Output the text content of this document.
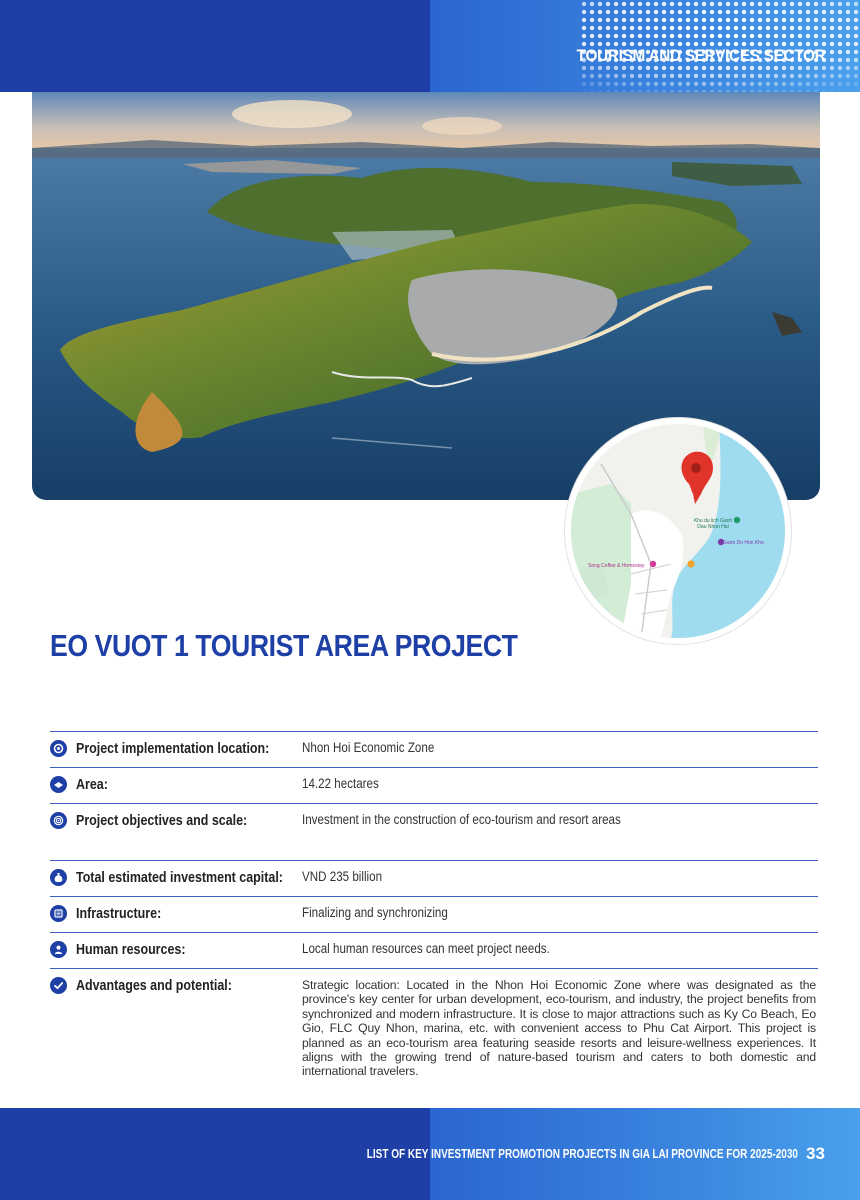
TOURISM AND SERVICES SECTOR
Khu du lịch Ganh Dau Nhon Hai
Ganh Do Hon Kho
Song Coffee & Homestay
EO VUOT 1 TOURIST AREA PROJECT
Project implementation location: Nhon Hoi Economic Zone
Area:	14.22 hectares
Project objectives and scale:	Investment in the construction of eco-tourism and resort areas
Total estimated investment capital: VND 235 billion
Infrastructure:	Finalizing and synchronizing
Human resources:	Local human resources can meet project needs.
Advantages and potential:	Strategic location: Located in the Nhon Hoi Economic Zone where was designated as the province's key center for urban development, eco-tourism, and industry, the project benefits from synchronized and modern infrastructure. It is close to major attractions such as Ky Co Beach, Eo Gio, FLC Quy Nhon, marina, etc. with convenient access to Phu Cat Airport. This project is planned as an eco-tourism area featuring seaside resorts and leisure-wellness experiences. It aligns with the growing trend of nature-based tourism and caters to both domestic and international travelers.
LIST OF KEY INVESTMENT PROMOTION PROJECTS IN GIA LAI PROVINCE FOR 2025-2030 33
